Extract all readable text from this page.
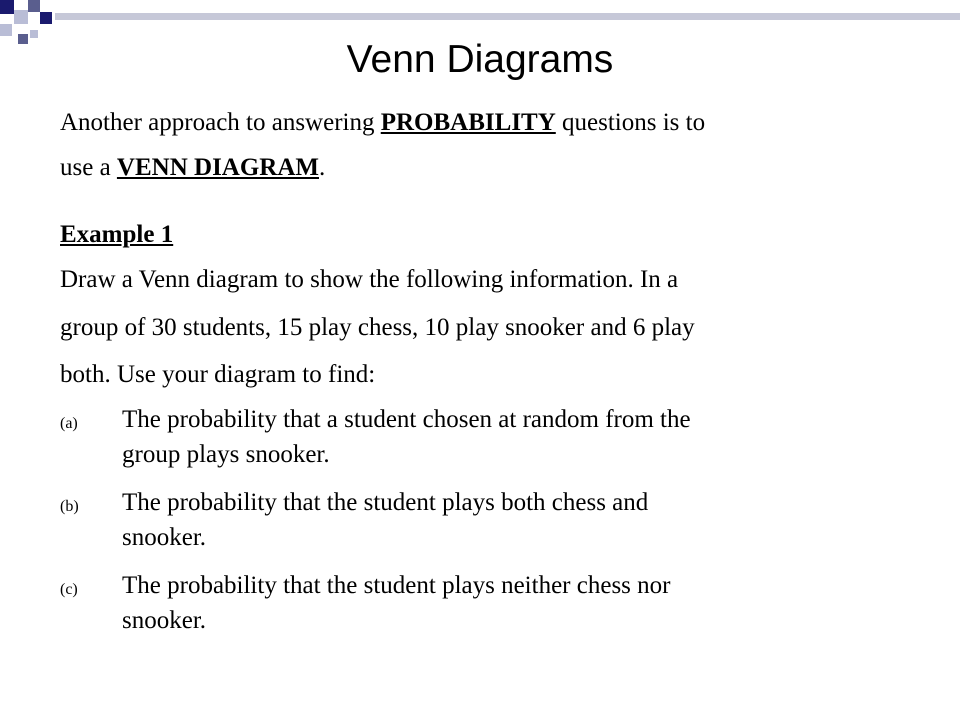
Venn Diagrams
Another approach to answering PROBABILITY questions is to
use a VENN DIAGRAM.
Example 1
Draw a Venn diagram to show the following information. In a
group of 30 students, 15 play chess, 10 play snooker and 6 play
both. Use your diagram to find:
(a) The probability that a student chosen at random from the
group plays snooker.
(b) The probability that the student plays both chess and
snooker.
(c) The probability that the student plays neither chess nor
snooker.
